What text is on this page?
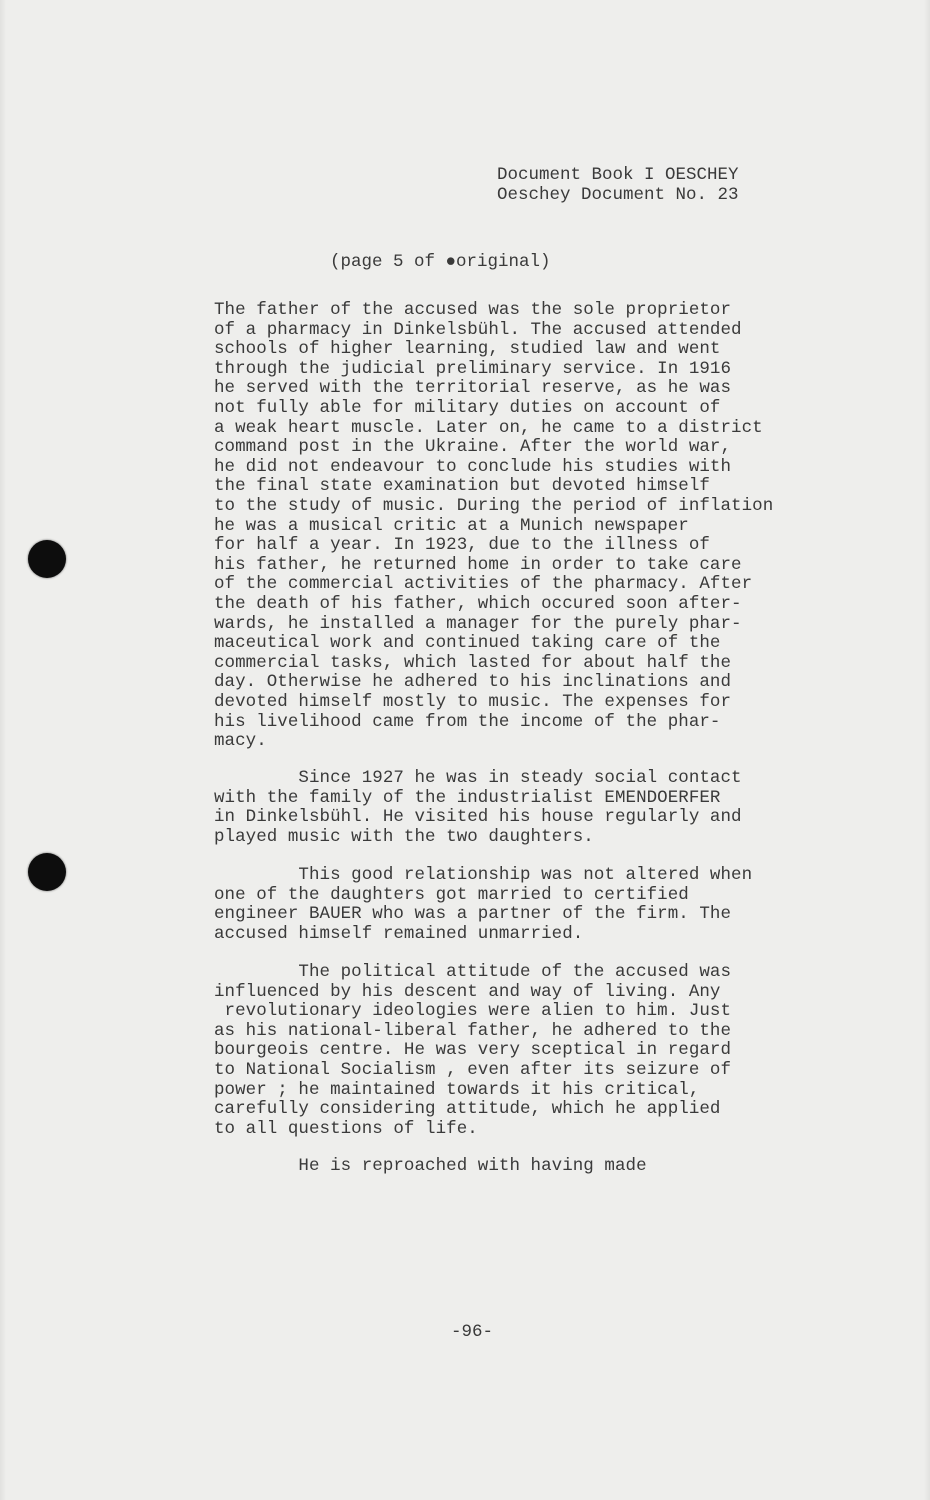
Document Book I OESCHEY
Oeschey Document No. 23
(page 5 of ●original)
The father of the accused was the sole proprietor
of a pharmacy in Dinkelsbühl. The accused attended
schools of higher learning, studied law and went
through the judicial preliminary service. In 1916
he served with the territorial reserve, as he was
not fully able for military duties on account of
a weak heart muscle. Later on, he came to a district
command post in the Ukraine. After the world war,
he did not endeavour to conclude his studies with
the final state examination but devoted himself
to the study of music. During the period of inflation
he was a musical critic at a Munich newspaper
for half a year. In 1923, due to the illness of
his father, he returned home in order to take care
of the commercial activities of the pharmacy. After
the death of his father, which occured soon after-
wards, he installed a manager for the purely phar-
maceutical work and continued taking care of the
commercial tasks, which lasted for about half the
day. Otherwise he adhered to his inclinations and
devoted himself mostly to music. The expenses for
his livelihood came from the income of the phar-
macy.
Since 1927 he was in steady social contact
with the family of the industrialist EMENDOERFER
in Dinkelsbühl. He visited his house regularly and
played music with the two daughters.
This good relationship was not altered when
one of the daughters got married to certified
engineer BAUER who was a partner of the firm. The
accused himself remained unmarried.
The political attitude of the accused was
influenced by his descent and way of living. Any
revolutionary ideologies were alien to him. Just
as his national-liberal father, he adhered to the
bourgeois centre. He was very sceptical in regard
to National Socialism , even after its seizure of
power ; he maintained towards it his critical,
carefully considering attitude, which he applied
to all questions of life.
He is reproached with having made
-96-
